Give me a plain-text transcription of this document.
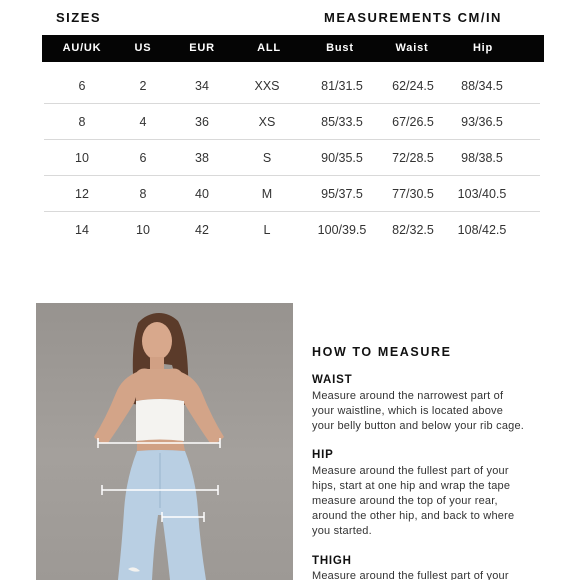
SIZES	MEASUREMENTS CM/IN
AU/UK	US	EUR	ALL	Bust	Waist	Hip
6	2	34	XXS	81/31.5 62/24.5 88/34.5
8	4	36	XS	85/33.5 67/26.5 93/36.5
10	6	38	S	90/35.5 72/28.5 98/38.5
12	8	40	M	95/37.5 77/30.5 103/40.5
14	10	42	L	100/39.5 82/32.5 108/42.5
HOW TO MEASURE
WAIST
Measure around the narrowest part of
your waistline, which is located above
your belly button and below your rib cage.
HIP
Measure around the fullest part of your
hips, start at one hip and wrap the tape
measure around the top of your rear,
around the other hip, and back to where
you started.
THIGH
Measure around the fullest part of your
